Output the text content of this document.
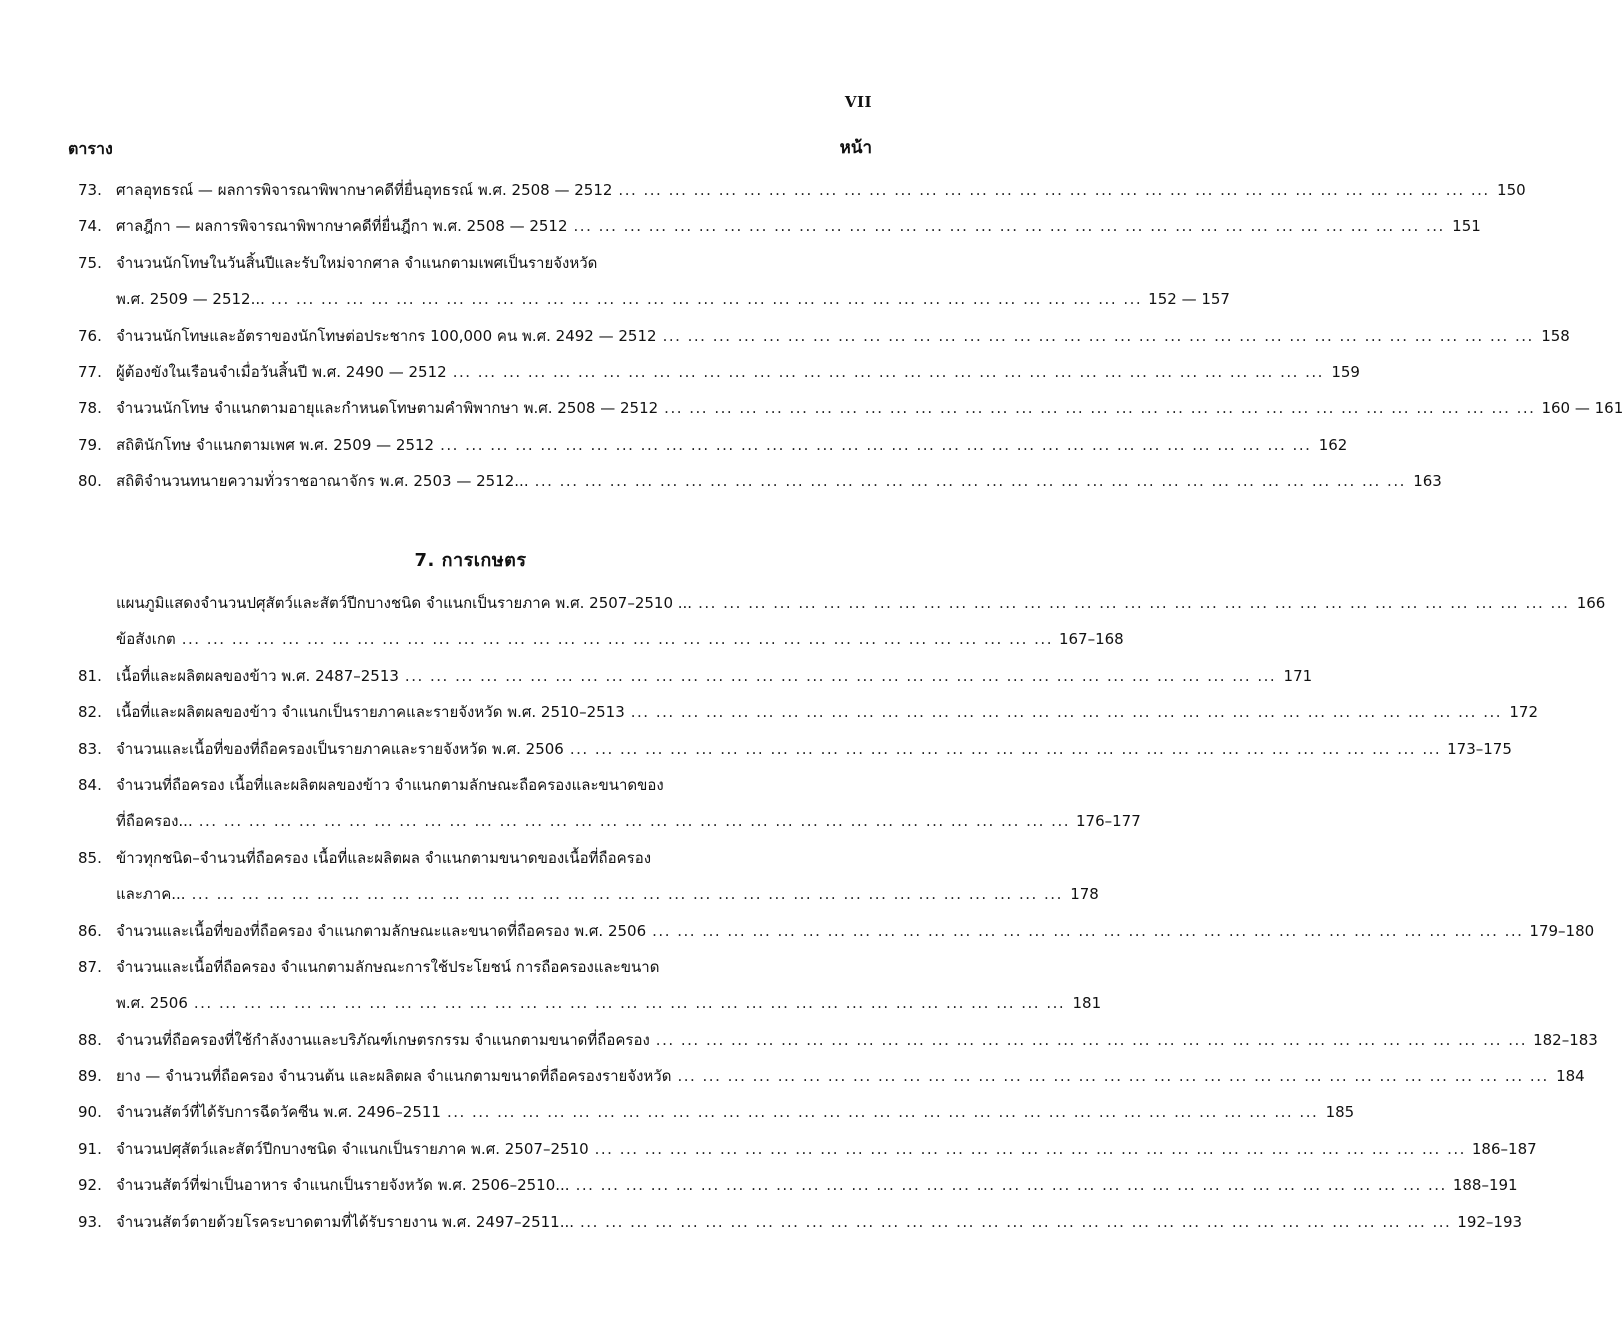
VII
ตาราง	หน้า
73. ศาลอุทธรณ์ — ผลการพิจารณาพิพากษาคดีที่ยื่นอุทธรณ์ พ.ศ. 2508 — 2512 ... .	150
74. ศาลฎีกา — ผลการพิจารณาพิพากษาคดีที่ยื่นฎีกา พ.ศ. 2508 — 2512 ... .	151
75. จำนวนนักโทษในวันสิ้นปีและรับใหม่จากศาล จำแนกตามเพศเป็นรายจังหวัด
พ.ศ. 2509 — 2512... ... .	152 — 157
76. จำนวนนักโทษและอัตราของนักโทษต่อประชากร 100,000 คน พ.ศ. 2492 — 2512 ... .	158
77. ผู้ต้องขังในเรือนจำเมื่อวันสิ้นปี พ.ศ. 2490 — 2512 ... .	159
78. จำนวนนักโทษ จำแนกตามอายุและกำหนดโทษตามคำพิพากษา พ.ศ. 2508 — 2512 ... .	160 — 161
79. สถิตินักโทษ จำแนกตามเพศ พ.ศ. 2509 — 2512 ... .	162
80. สถิติจำนวนทนายความทั่วราชอาณาจักร พ.ศ. 2503 — 2512... ... .	163
7. การเกษตร
แผนภูมิแสดงจำนวนปศุสัตว์และสัตว์ปีกบางชนิด จำแนกเป็นรายภาค พ.ศ. 2507–2510 ... ... .	166
ข้อสังเกต ... .	167–168
81. เนื้อที่และผลิตผลของข้าว พ.ศ. 2487–2513 ... .	171
82. เนื้อที่และผลิตผลของข้าว จำแนกเป็นรายภาคและรายจังหวัด พ.ศ. 2510–2513 ... .	172
83. จำนวนและเนื้อที่ของที่ถือครองเป็นรายภาคและรายจังหวัด พ.ศ. 2506 ... .	173–175
84. จำนวนที่ถือครอง เนื้อที่และผลิตผลของข้าว จำแนกตามลักษณะถือครองและขนาดของ
ที่ถือครอง... ... .	176–177
85. ข้าวทุกชนิด–จำนวนที่ถือครอง เนื้อที่และผลิตผล จำแนกตามขนาดของเนื้อที่ถือครอง
และภาค... ... .	178
86. จำนวนและเนื้อที่ของที่ถือครอง จำแนกตามลักษณะและขนาดที่ถือครอง พ.ศ. 2506 ... .	179–180
87. จำนวนและเนื้อที่ถือครอง จำแนกตามลักษณะการใช้ประโยชน์ การถือครองและขนาด
พ.ศ. 2506 ... .	181
88. จำนวนที่ถือครองที่ใช้กำลังงานและบริภัณฑ์เกษตรกรรม จำแนกตามขนาดที่ถือครอง ... .	182–183
89. ยาง — จำนวนที่ถือครอง จำนวนต้น และผลิตผล จำแนกตามขนาดที่ถือครองรายจังหวัด ... .	184
90. จำนวนสัตว์ที่ได้รับการฉีดวัคซีน พ.ศ. 2496–2511 ... .	185
91. จำนวนปศุสัตว์และสัตว์ปีกบางชนิด จำแนกเป็นรายภาค พ.ศ. 2507–2510 ... .	186–187
92. จำนวนสัตว์ที่ฆ่าเป็นอาหาร จำแนกเป็นรายจังหวัด พ.ศ. 2506–2510... ... .	188–191
93. จำนวนสัตว์ตายด้วยโรคระบาดตามที่ได้รับรายงาน พ.ศ. 2497–2511... ... .	192–193
